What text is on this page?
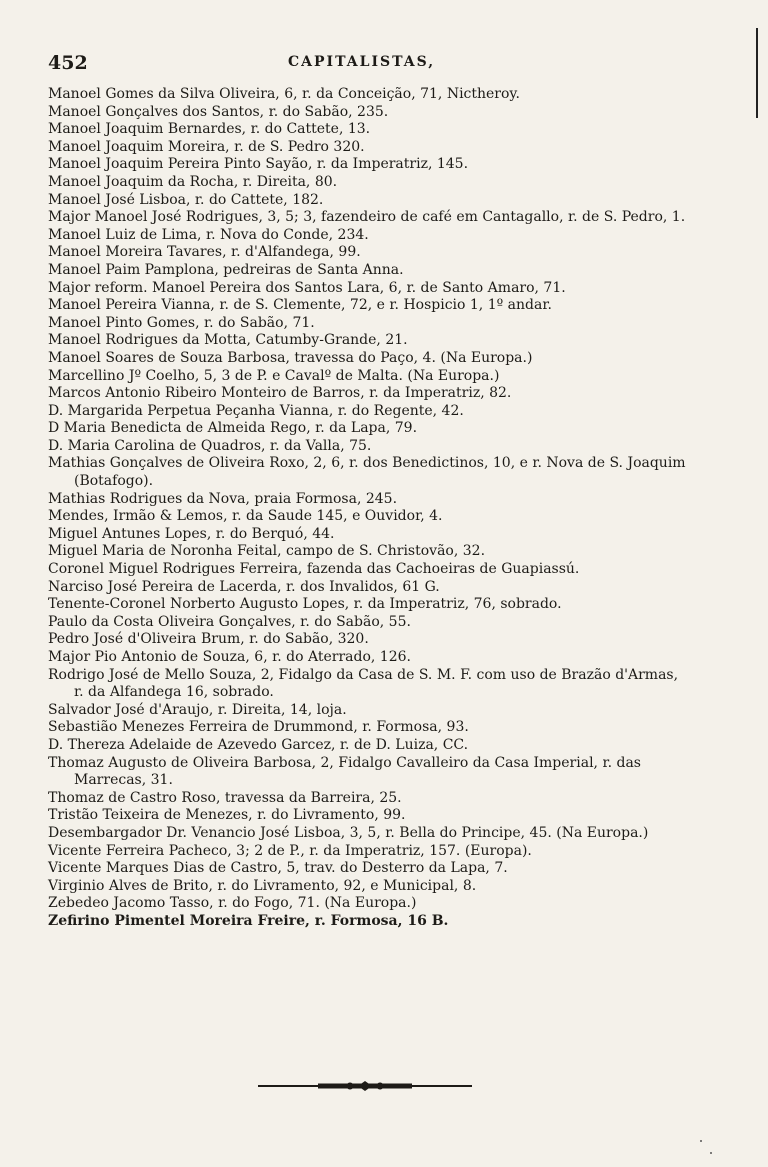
452	CAPITALISTAS,
Manoel Gomes da Silva Oliveira, 6, r. da Conceição, 71, Nictheroy.
Manoel Gonçalves dos Santos, r. do Sabão, 235.
Manoel Joaquim Bernardes, r. do Cattete, 13.
Manoel Joaquim Moreira, r. de S. Pedro 320.
Manoel Joaquim Pereira Pinto Sayão, r. da Imperatriz, 145.
Manoel Joaquim da Rocha, r. Direita, 80.
Manoel José Lisboa, r. do Cattete, 182.
Major Manoel José Rodrigues, 3, 5; 3, fazendeiro de café em Cantagallo, r. de S. Pedro, 1.
Manoel Luiz de Lima, r. Nova do Conde, 234.
Manoel Moreira Tavares, r. d'Alfandega, 99.
Manoel Paim Pamplona, pedreiras de Santa Anna.
Major reform. Manoel Pereira dos Santos Lara, 6, r. de Santo Amaro, 71.
Manoel Pereira Vianna, r. de S. Clemente, 72, e r. Hospicio 1, 1º andar.
Manoel Pinto Gomes, r. do Sabão, 71.
Manoel Rodrigues da Motta, Catumby-Grande, 21.
Manoel Soares de Souza Barbosa, travessa do Paço, 4. (Na Europa.)
Marcellino Jº Coelho, 5, 3 de P. e Cavalº de Malta. (Na Europa.)
Marcos Antonio Ribeiro Monteiro de Barros, r. da Imperatriz, 82.
D. Margarida Perpetua Peçanha Vianna, r. do Regente, 42.
D Maria Benedicta de Almeida Rego, r. da Lapa, 79.
D. Maria Carolina de Quadros, r. da Valla, 75.
Mathias Gonçalves de Oliveira Roxo, 2, 6, r. dos Benedictinos, 10, e r. Nova de S. Joaquim (Botafogo).
Mathias Rodrigues da Nova, praia Formosa, 245.
Mendes, Irmão & Lemos, r. da Saude 145, e Ouvidor, 4.
Miguel Antunes Lopes, r. do Berquó, 44.
Miguel Maria de Noronha Feital, campo de S. Christovão, 32.
Coronel Miguel Rodrigues Ferreira, fazenda das Cachoeiras de Guapiassú.
Narciso José Pereira de Lacerda, r. dos Invalidos, 61 G.
Tenente-Coronel Norberto Augusto Lopes, r. da Imperatriz, 76, sobrado.
Paulo da Costa Oliveira Gonçalves, r. do Sabão, 55.
Pedro José d'Oliveira Brum, r. do Sabão, 320.
Major Pio Antonio de Souza, 6, r. do Aterrado, 126.
Rodrigo José de Mello Souza, 2, Fidalgo da Casa de S. M. F. com uso de Brazão d'Armas, r. da Alfandega 16, sobrado.
Salvador José d'Araujo, r. Direita, 14, loja.
Sebastião Menezes Ferreira de Drummond, r. Formosa, 93.
D. Thereza Adelaide de Azevedo Garcez, r. de D. Luiza, CC.
Thomaz Augusto de Oliveira Barbosa, 2, Fidalgo Cavalleiro da Casa Imperial, r. das Marrecas, 31.
Thomaz de Castro Roso, travessa da Barreira, 25.
Tristão Teixeira de Menezes, r. do Livramento, 99.
Desembargador Dr. Venancio José Lisboa, 3, 5, r. Bella do Principe, 45. (Na Europa.)
Vicente Ferreira Pacheco, 3; 2 de P., r. da Imperatriz, 157. (Europa).
Vicente Marques Dias de Castro, 5, trav. do Desterro da Lapa, 7.
Virginio Alves de Brito, r. do Livramento, 92, e Municipal, 8.
Zebedeo Jacomo Tasso, r. do Fogo, 71. (Na Europa.)
Zefirino Pimentel Moreira Freire, r. Formosa, 16 B.
